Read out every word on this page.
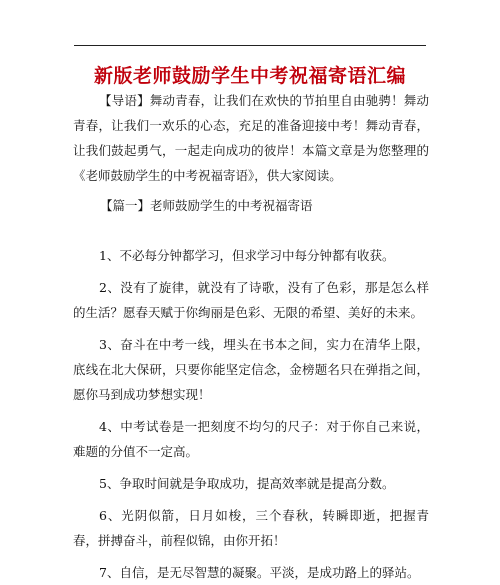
新版老师鼓励学生中考祝福寄语汇编
【导语】舞动青春，让我们在欢快的节拍里自由驰骋！舞动青春，让我们一欢乐的心态，充足的准备迎接中考！舞动青春，让我们鼓起勇气，一起走向成功的彼岸！本篇文章是为您整理的《老师鼓励学生的中考祝福寄语》，供大家阅读。
【篇一】老师鼓励学生的中考祝福寄语

1、不必每分钟都学习，但求学习中每分钟都有收获。

2、没有了旋律，就没有了诗歌，没有了色彩，那是怎么样的生活？愿春天赋于你绚丽是色彩、无限的希望、美好的未来。

3、奋斗在中考一线，埋头在书本之间，实力在清华上限，底线在北大保研，只要你能坚定信念，金榜题名只在弹指之间，愿你马到成功梦想实现！

4、中考试卷是一把刻度不均匀的尺子：对于你自己来说，难题的分值不一定高。

5、争取时间就是争取成功，提高效率就是提高分数。

6、光阴似箭，日月如梭，三个春秋，转瞬即逝，把握青春，拼搏奋斗，前程似锦，由你开拓！

7、自信，是无尽智慧的凝聚。平淡，是成功路上的驿站。
